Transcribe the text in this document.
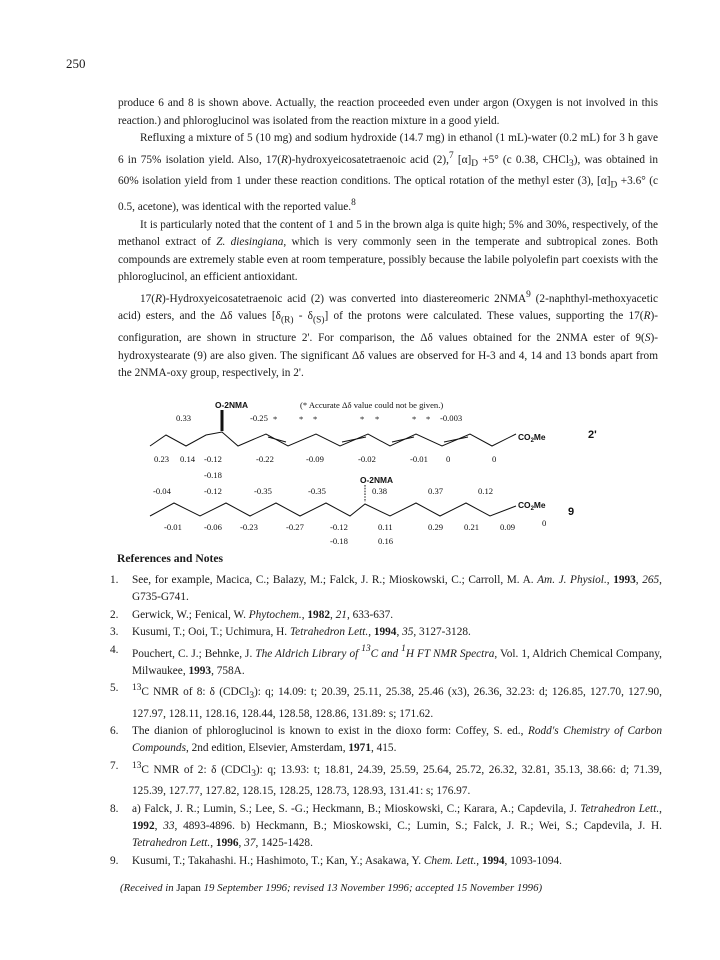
250

produce 6 and 8 is shown above. Actually, the reaction proceeded even under argon (Oxygen is not involved in this reaction.) and phloroglucinol was isolated from the reaction mixture in a good yield.

Refluxing a mixture of 5 (10 mg) and sodium hydroxide (14.7 mg) in ethanol (1 mL)-water (0.2 mL) for 3 h gave 6 in 75% isolation yield. Also, 17(R)-hydroxyeicosatetraenoic acid (2),$^7$ $[\alpha]_D +5^\circ$ (c 0.38, CHCl$_3$), was obtained in 60% isolation yield from 1 under these reaction conditions. The optical rotation of the methyl ester (3), $[\alpha]_D +3.6^\circ$ (c 0.5, acetone), was identical with the reported value.$^8$

It is particularly noted that the content of 1 and 5 in the brown alga is quite high; 5% and 30%, respectively, of the methanol extract of Z. diesingiana, which is very commonly seen in the temperate and subtropical zones. Both compounds are extremely stable even at room temperature, possibly because the labile polyolefin part coexists with the phloroglucinol, an efficient antioxidant.

17(R)-Hydroxyeicosatetraenoic acid (2) was converted into diastereomeric 2NMA$^9$ (2-naphthyl-methoxyacetic acid) esters, and the Δδ values $[\delta_{(R)} - \delta_{(S)}]$ of the protons were calculated. These values, supporting the 17(R)-configuration, are shown in structure 2'. For comparison, the Δδ values obtained for the 2NMA ester of 9(S)-hydroxystearate (9) are also given. The significant Δδ values are observed for H-3 and 4, 14 and 13 bonds apart from the 2NMA-oxy group, respectively, in 2'.

O-2NMA	(* Accurate Δδ value could not be given.)
0.33	-0.25 *	* *	* *	* * -0.003
$CO_2Me$	2'
0.23 0.14 -0.12	-0.22	-0.09	-0.02	-0.01 0	0
-0.18	O-2NMA
-0.04	-0.12	-0.35	-0.35	0.38	0.37	0.12
$CO_2Me$
9
-0.01	-0.06 -0.23	-0.27	-0.12	0.11	0.29 0.21 0.09	0
-0.18	0.16
References and Notes
1.	See, for example, Macica, C.; Balazy, M.; Falck, J. R.; Mioskowski, C.; Carroll, M. A. Am. J. Physiol., 1993, 265, G735-G741.
2.	Gerwick, W.; Fenical, W. Phytochem., 1982, 21, 633-637.
3.	Kusumi, T.; Ooi, T.; Uchimura, H. Tetrahedron Lett., 1994, 35, 3127-3128.
4.	Pouchert, C. J.; Behnke, J. The Aldrich Library of $^{13}$C and $^1$H FT NMR Spectra, Vol. 1, Aldrich Chemical Company, Milwaukee, 1993, 758A.
5.	$^{13}$C NMR of 8: δ (CDCl$_3$): q; 14.09: t; 20.39, 25.11, 25.38, 25.46 (x3), 26.36, 32.23: d; 126.85, 127.70, 127.90, 127.97, 128.11, 128.16, 128.44, 128.58, 128.86, 131.89: s; 171.62.
6.	The dianion of phloroglucinol is known to exist in the dioxo form: Coffey, S. ed., Rodd's Chemistry of Carbon Compounds, 2nd edition, Elsevier, Amsterdam, 1971, 415.
7.	$^{13}$C NMR of 2: δ (CDCl$_3$): q; 13.93: t; 18.81, 24.39, 25.59, 25.64, 25.72, 26.32, 32.81, 35.13, 38.66: d; 71.39, 125.39, 127.77, 127.82, 128.15, 128.25, 128.73, 128.93, 131.41: s; 176.97.
8.	a) Falck, J. R.; Lumin, S.; Lee, S. -G.; Heckmann, B.; Mioskowski, C.; Karara, A.; Capdevila, J. Tetrahedron Lett., 1992, 33, 4893-4896. b) Heckmann, B.; Mioskowski, C.; Lumin, S.; Falck, J. R.; Wei, S.; Capdevila, J. H. Tetrahedron Lett., 1996, 37, 1425-1428.
9.	Kusumi, T.; Takahashi. H.; Hashimoto, T.; Kan, Y.; Asakawa, Y. Chem. Lett., 1994, 1093-1094.
(Received in Japan 19 September 1996; revised 13 November 1996; accepted 15 November 1996)
